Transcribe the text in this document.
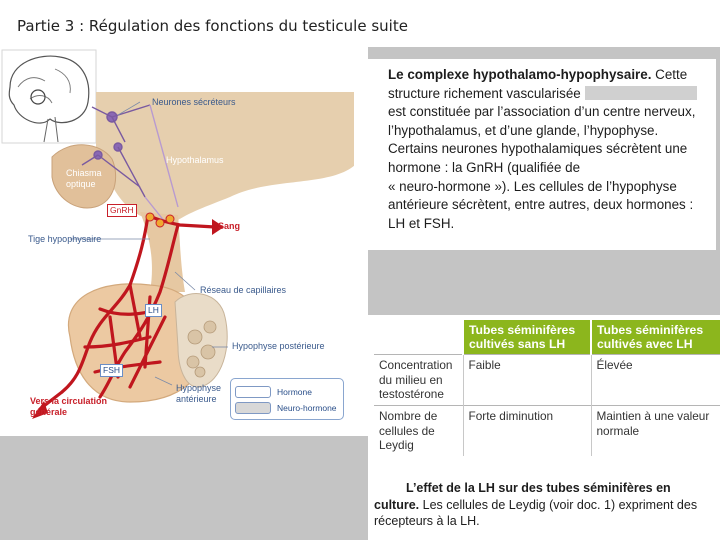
Partie 3 : Régulation des fonctions du testicule suite
Neurones sécréteurs
Hypothalamus
Chiasma
optique
GnRH
Sang
Tige hypophysaire
Réseau de capillaires
LH
Hypophyse postérieure
FSH
Hypophyse
antérieure
Vers la circulation
générale
Hormone
Neuro-hormone
Le complexe hypothalamo-hypophysaire. Cette
structure richement vascularisée
est constituée par l’association d’un centre nerveux,
l’hypothalamus, et d’une glande, l’hypophyse.
Certains neurones hypothalamiques sécrètent une
hormone : la GnRH (qualifiée de
« neuro-hormone »). Les cellules de l’hypophyse
antérieure sécrètent, entre autres, deux hormones :
LH et FSH.
	Tubes séminifères cultivés sans LH	Tubes séminifères cultivés avec LH
Concentration du milieu en testostérone	Faible	Élevée
Nombre de cellules de Leydig	Forte diminution	Maintien à une valeur normale
L’effet de la LH sur des tubes séminifères en culture. Les cellules de Leydig (voir doc. 1) expriment des récepteurs à la LH.
